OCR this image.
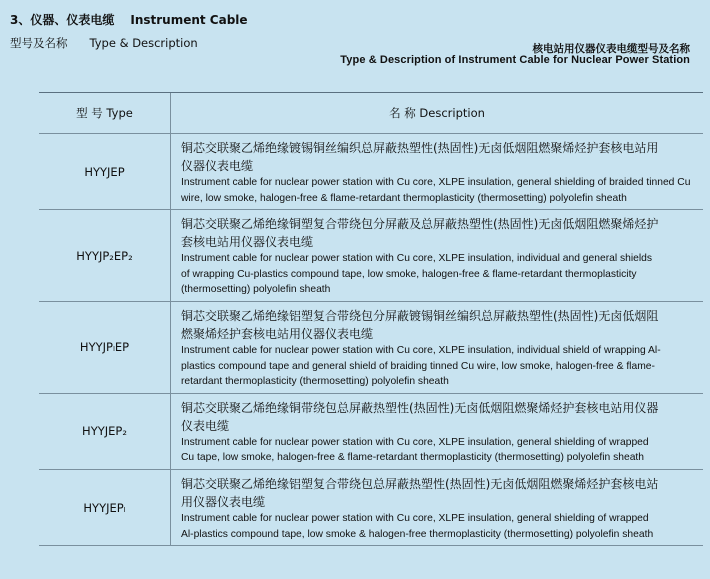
3、仪器、仪表电缆 Instrument Cable
型号及名称 Type & Description	核电站用仪器仪表电缆型号及名称
Type & Description of Instrument Cable for Nuclear Power Station
型 号 Type	名 称 Description
HYYJEP
铜芯交联聚乙烯绝缘镀锡铜丝编织总屏蔽热塑性(热固性)无卤低烟阻燃聚烯烃护套核电站用
仪器仪表电缆
Instrument cable for nuclear power station with Cu core, XLPE insulation, general shielding of braided tinned Cu
wire, low smoke, halogen-free & flame-retardant thermoplasticity (thermosetting) polyolefin sheath
HYYJP₂EP₂
铜芯交联聚乙烯绝缘铜塑复合带绕包分屏蔽及总屏蔽热塑性(热固性)无卤低烟阻燃聚烯烃护
套核电站用仪器仪表电缆
Instrument cable for nuclear power station with Cu core, XLPE insulation, individual and general shields
of wrapping Cu-plastics compound tape, low smoke, halogen-free & flame-retardant thermoplasticity
(thermosetting) polyolefin sheath
HYYJPₗEP
铜芯交联聚乙烯绝缘铝塑复合带绕包分屏蔽镀锡铜丝编织总屏蔽热塑性(热固性)无卤低烟阻
燃聚烯烃护套核电站用仪器仪表电缆
Instrument cable for nuclear power station with Cu core, XLPE insulation, individual shield of wrapping Al-
plastics compound tape and general shield of braiding tinned Cu wire, low smoke, halogen-free & flame-
retardant thermoplasticity (thermosetting) polyolefin sheath
HYYJEP₂
铜芯交联聚乙烯绝缘铜带绕包总屏蔽热塑性(热固性)无卤低烟阻燃聚烯烃护套核电站用仪器
仪表电缆
Instrument cable for nuclear power station with Cu core, XLPE insulation, general shielding of wrapped
Cu tape, low smoke, halogen-free & flame-retardant thermoplasticity (thermosetting) polyolefin sheath
HYYJEPₗ
铜芯交联聚乙烯绝缘铝塑复合带绕包总屏蔽热塑性(热固性)无卤低烟阻燃聚烯烃护套核电站
用仪器仪表电缆
Instrument cable for nuclear power station with Cu core, XLPE insulation, general shielding of wrapped
Al-plastics compound tape, low smoke & halogen-free thermoplasticity (thermosetting) polyolefin sheath
